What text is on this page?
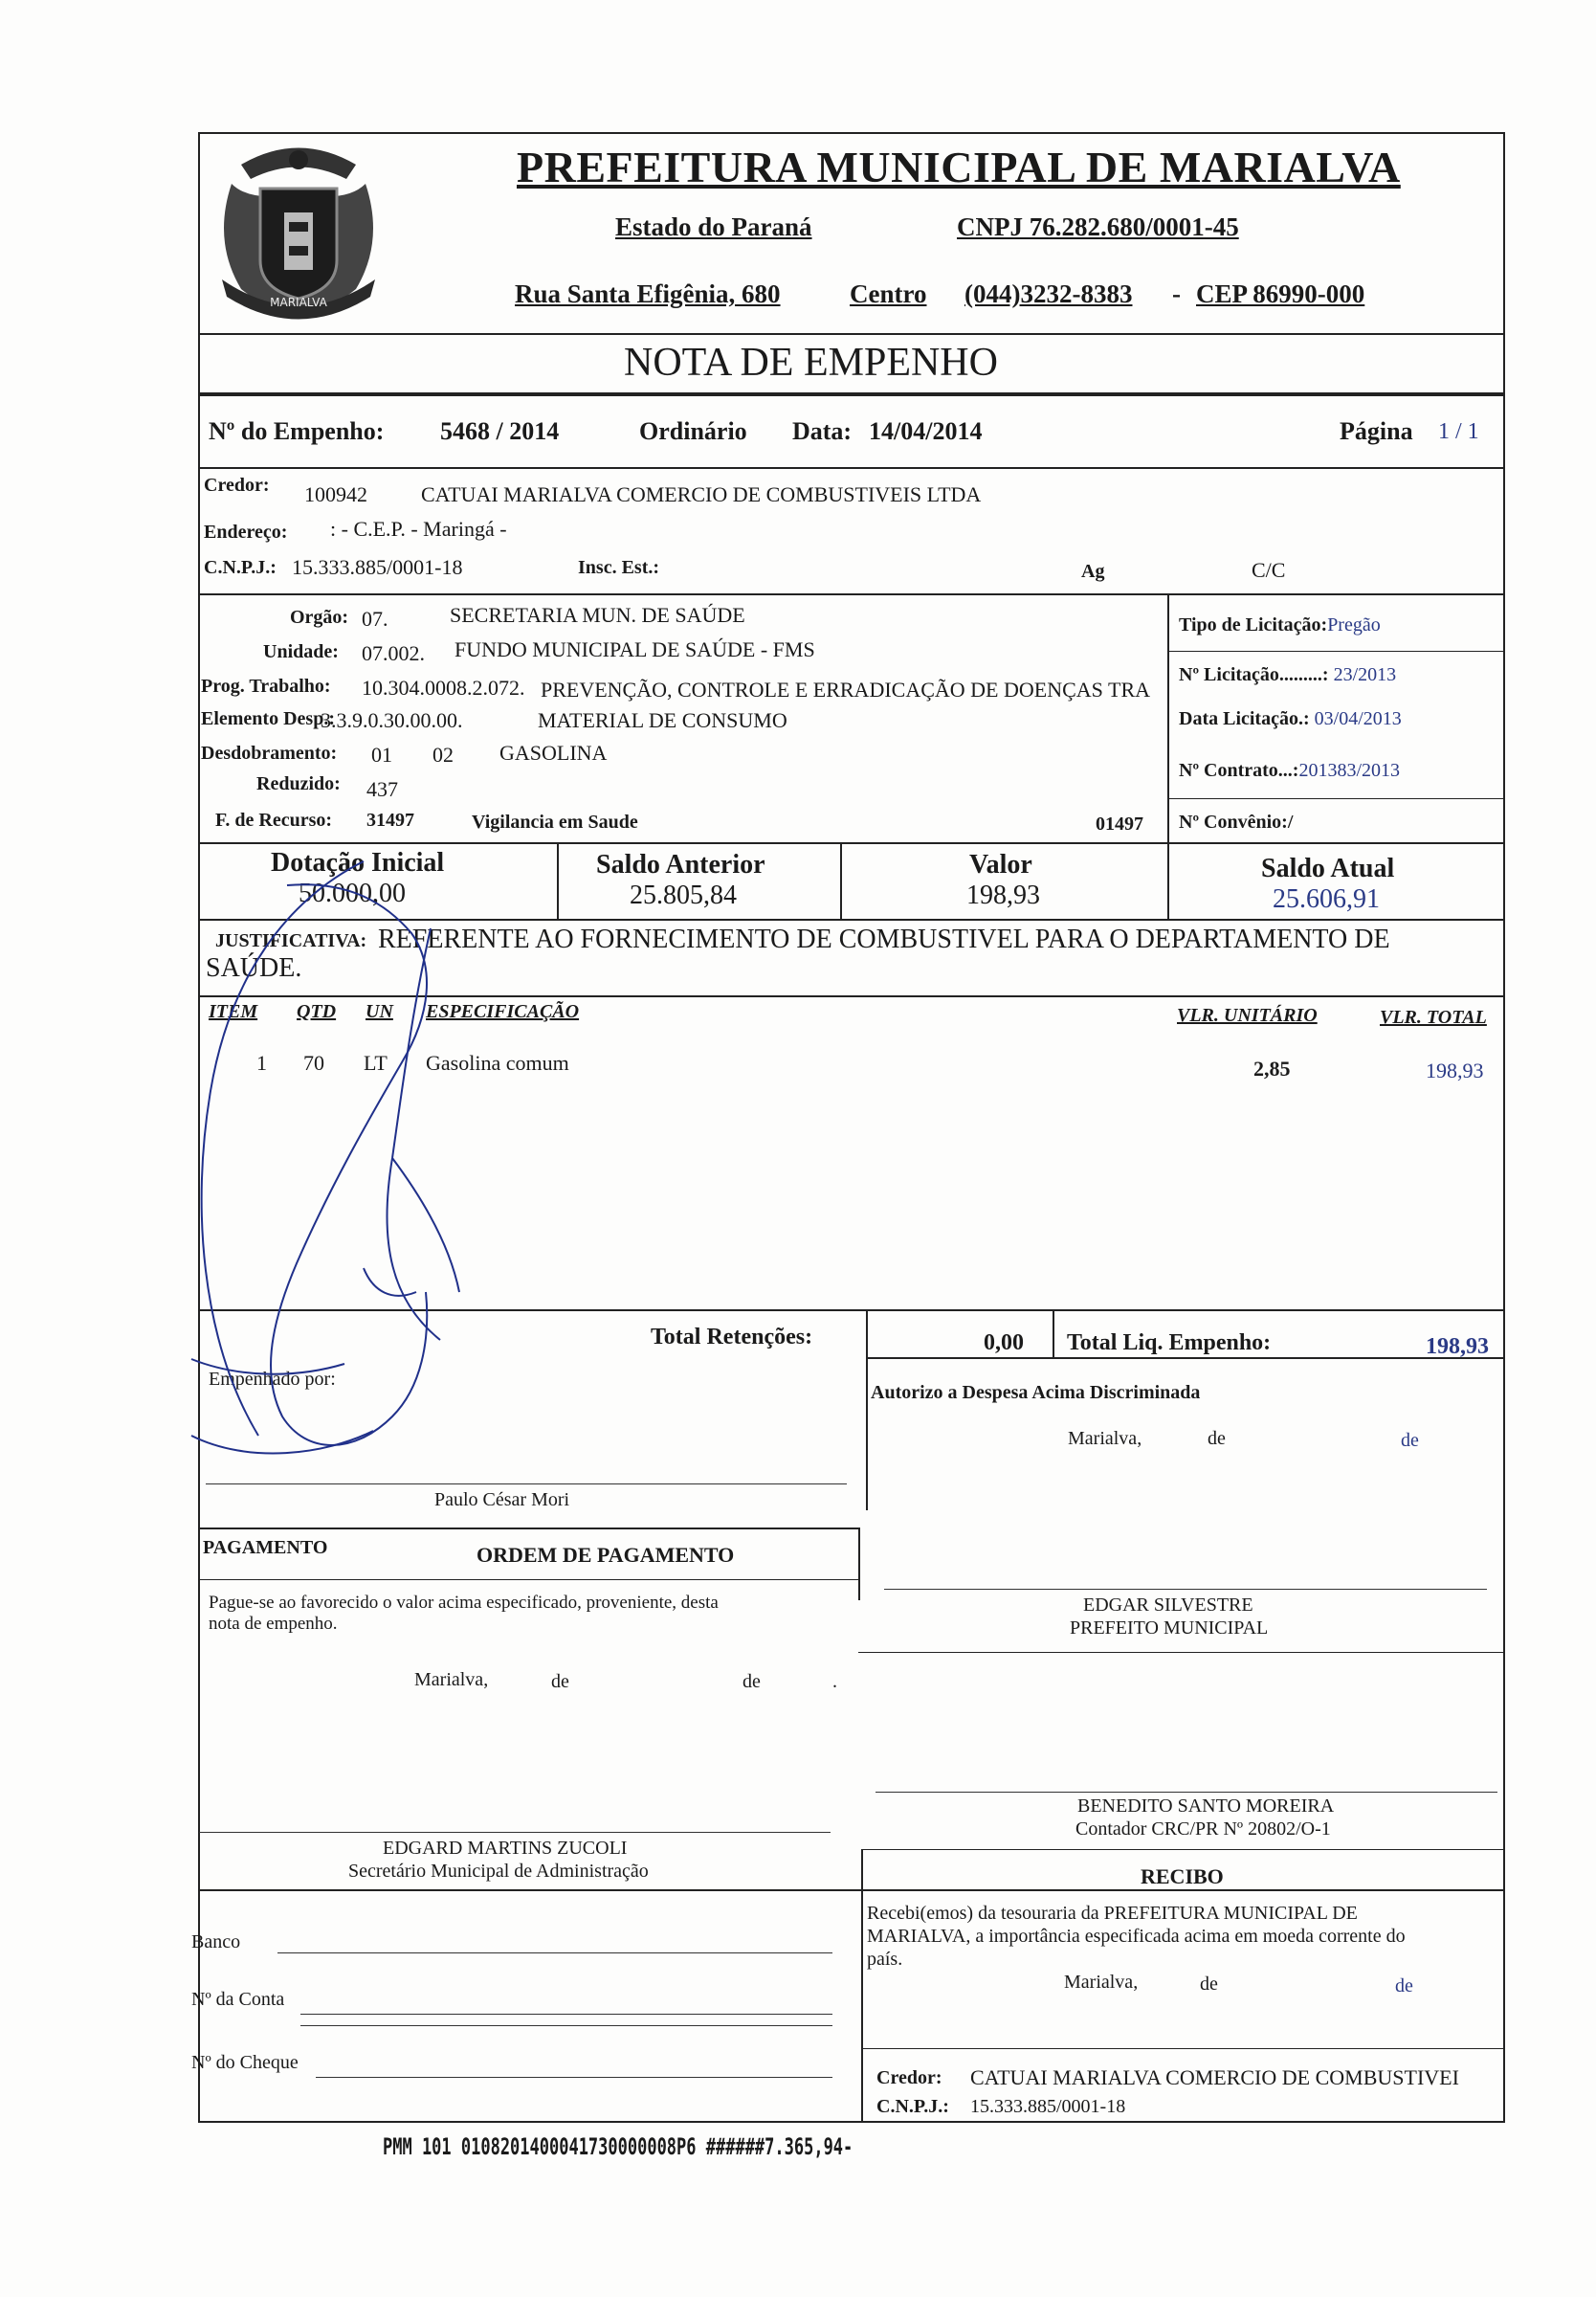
MARIALVA
PREFEITURA MUNICIPAL DE MARIALVA
Estado do Paraná	CNPJ 76.282.680/0001-45
Rua Santa Efigênia, 680	Centro (044)3232-8383 - CEP 86990-000
NOTA DE EMPENHO
Nº do Empenho: 5468 / 2014	Ordinário Data: 14/04/2014	Página 1 / 1
Credor: 100942	CATUAI MARIALVA COMERCIO DE COMBUSTIVEIS LTDA
Endereço: : - C.E.P. - Maringá -
C.N.P.J.: 15.333.885/0001-18	Insc. Est.:	Ag	C/C
Orgão: 07.	SECRETARIA MUN. DE SAÚDE
Unidade: 07.002. FUNDO MUNICIPAL DE SAÚDE - FMS
Prog. Trabalho: 10.304.0008.2.072. PREVENÇÃO, CONTROLE E ERRADICAÇÃO DE DOENÇAS TRA
Elemento Desp.:
3.3.9.0.30.00.00.	MATERIAL DE CONSUMO
Desdobramento: 01 02 GASOLINA
Reduzido: 437
F. de Recurso: 31497	Vigilancia em Saude	01497
Tipo de Licitação:Pregão
Nº Licitação.........: 23/2013
Data Licitação.: 03/04/2013
Nº Contrato...:201383/2013
Nº Convênio:/
Dotação Inicial
50.000,00
Saldo Anterior
25.805,84
Valor
198,93
Saldo Atual
25.606,91
JUSTIFICATIVA: REFERENTE AO FORNECIMENTO DE COMBUSTIVEL PARA O DEPARTAMENTO DE
SAÚDE.
ITEM QTD UN ESPECIFICAÇÃO	VLR. UNITÁRIO	VLR. TOTAL
1 70 LT Gasolina comum	2,85	198,93
Total Retenções:	0,00 Total Liq. Empenho:	198,93
Empenhado por:
Paulo César Mori
Autorizo a Despesa Acima Discriminada
Marialva,	de	de
PAGAMENTO	ORDEM DE PAGAMENTO
Pague-se ao favorecido o valor acima especificado, proveniente, desta
nota de empenho.
Marialva,	de	de	.
EDGAR SILVESTRE
PREFEITO MUNICIPAL
BENEDITO SANTO MOREIRA
Contador CRC/PR Nº 20802/O-1
EDGARD MARTINS ZUCOLI
Secretário Municipal de Administração	RECIBO
Recebi(emos) da tesouraria da PREFEITURA MUNICIPAL DE
MARIALVA, a importância especificada acima em moeda corrente do
país.
Marialva,	de	de
Banco
Nº da Conta
Nº do Cheque
Credor: CATUAI MARIALVA COMERCIO DE COMBUSTIVEI
C.N.P.J.: 15.333.885/0001-18
PMM 101 0108201400041730000008P6 ######7.365,94-
